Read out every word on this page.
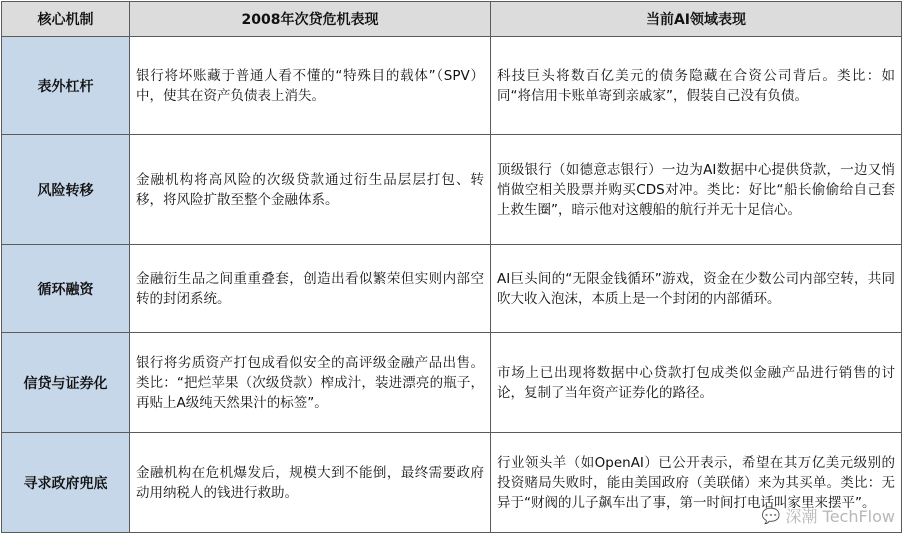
核心机制	2008年次贷危机表现	当前AI领域表现
表外杠杆	银行将坏账藏于普通人看不懂的“特殊目的载体”（SPV）中，使其在资产负债表上消失。	科技巨头将数百亿美元的债务隐藏在合资公司背后。类比：如同“将信用卡账单寄到亲戚家”，假装自己没有负债。
风险转移	金融机构将高风险的次级贷款通过衍生品层层打包、转移，将风险扩散至整个金融体系。	顶级银行（如德意志银行）一边为AI数据中心提供贷款，一边又悄悄做空相关股票并购买CDS对冲。类比：好比“船长偷偷给自己套上救生圈”，暗示他对这艘船的航行并无十足信心。
循环融资	金融衍生品之间重重叠套，创造出看似繁荣但实则内部空转的封闭系统。	AI巨头间的“无限金钱循环”游戏，资金在少数公司内部空转，共同吹大收入泡沫，本质上是一个封闭的内部循环。
信贷与证券化	银行将劣质资产打包成看似安全的高评级金融产品出售。类比：“把烂苹果（次级贷款）榨成汁，装进漂亮的瓶子，再贴上A级纯天然果汁的标签”。	市场上已出现将数据中心贷款打包成类似金融产品进行销售的讨论，复制了当年资产证券化的路径。
寻求政府兜底	金融机构在危机爆发后，规模大到不能倒，最终需要政府动用纳税人的钱进行救助。	行业领头羊（如OpenAI）已公开表示，希望在其万亿美元级别的投资赌局失败时，能由美国政府（美联储）来为其买单。类比：无异于“财阀的儿子飙车出了事，第一时间打电话叫家里来摆平”。
💬 深潮 TechFlow
